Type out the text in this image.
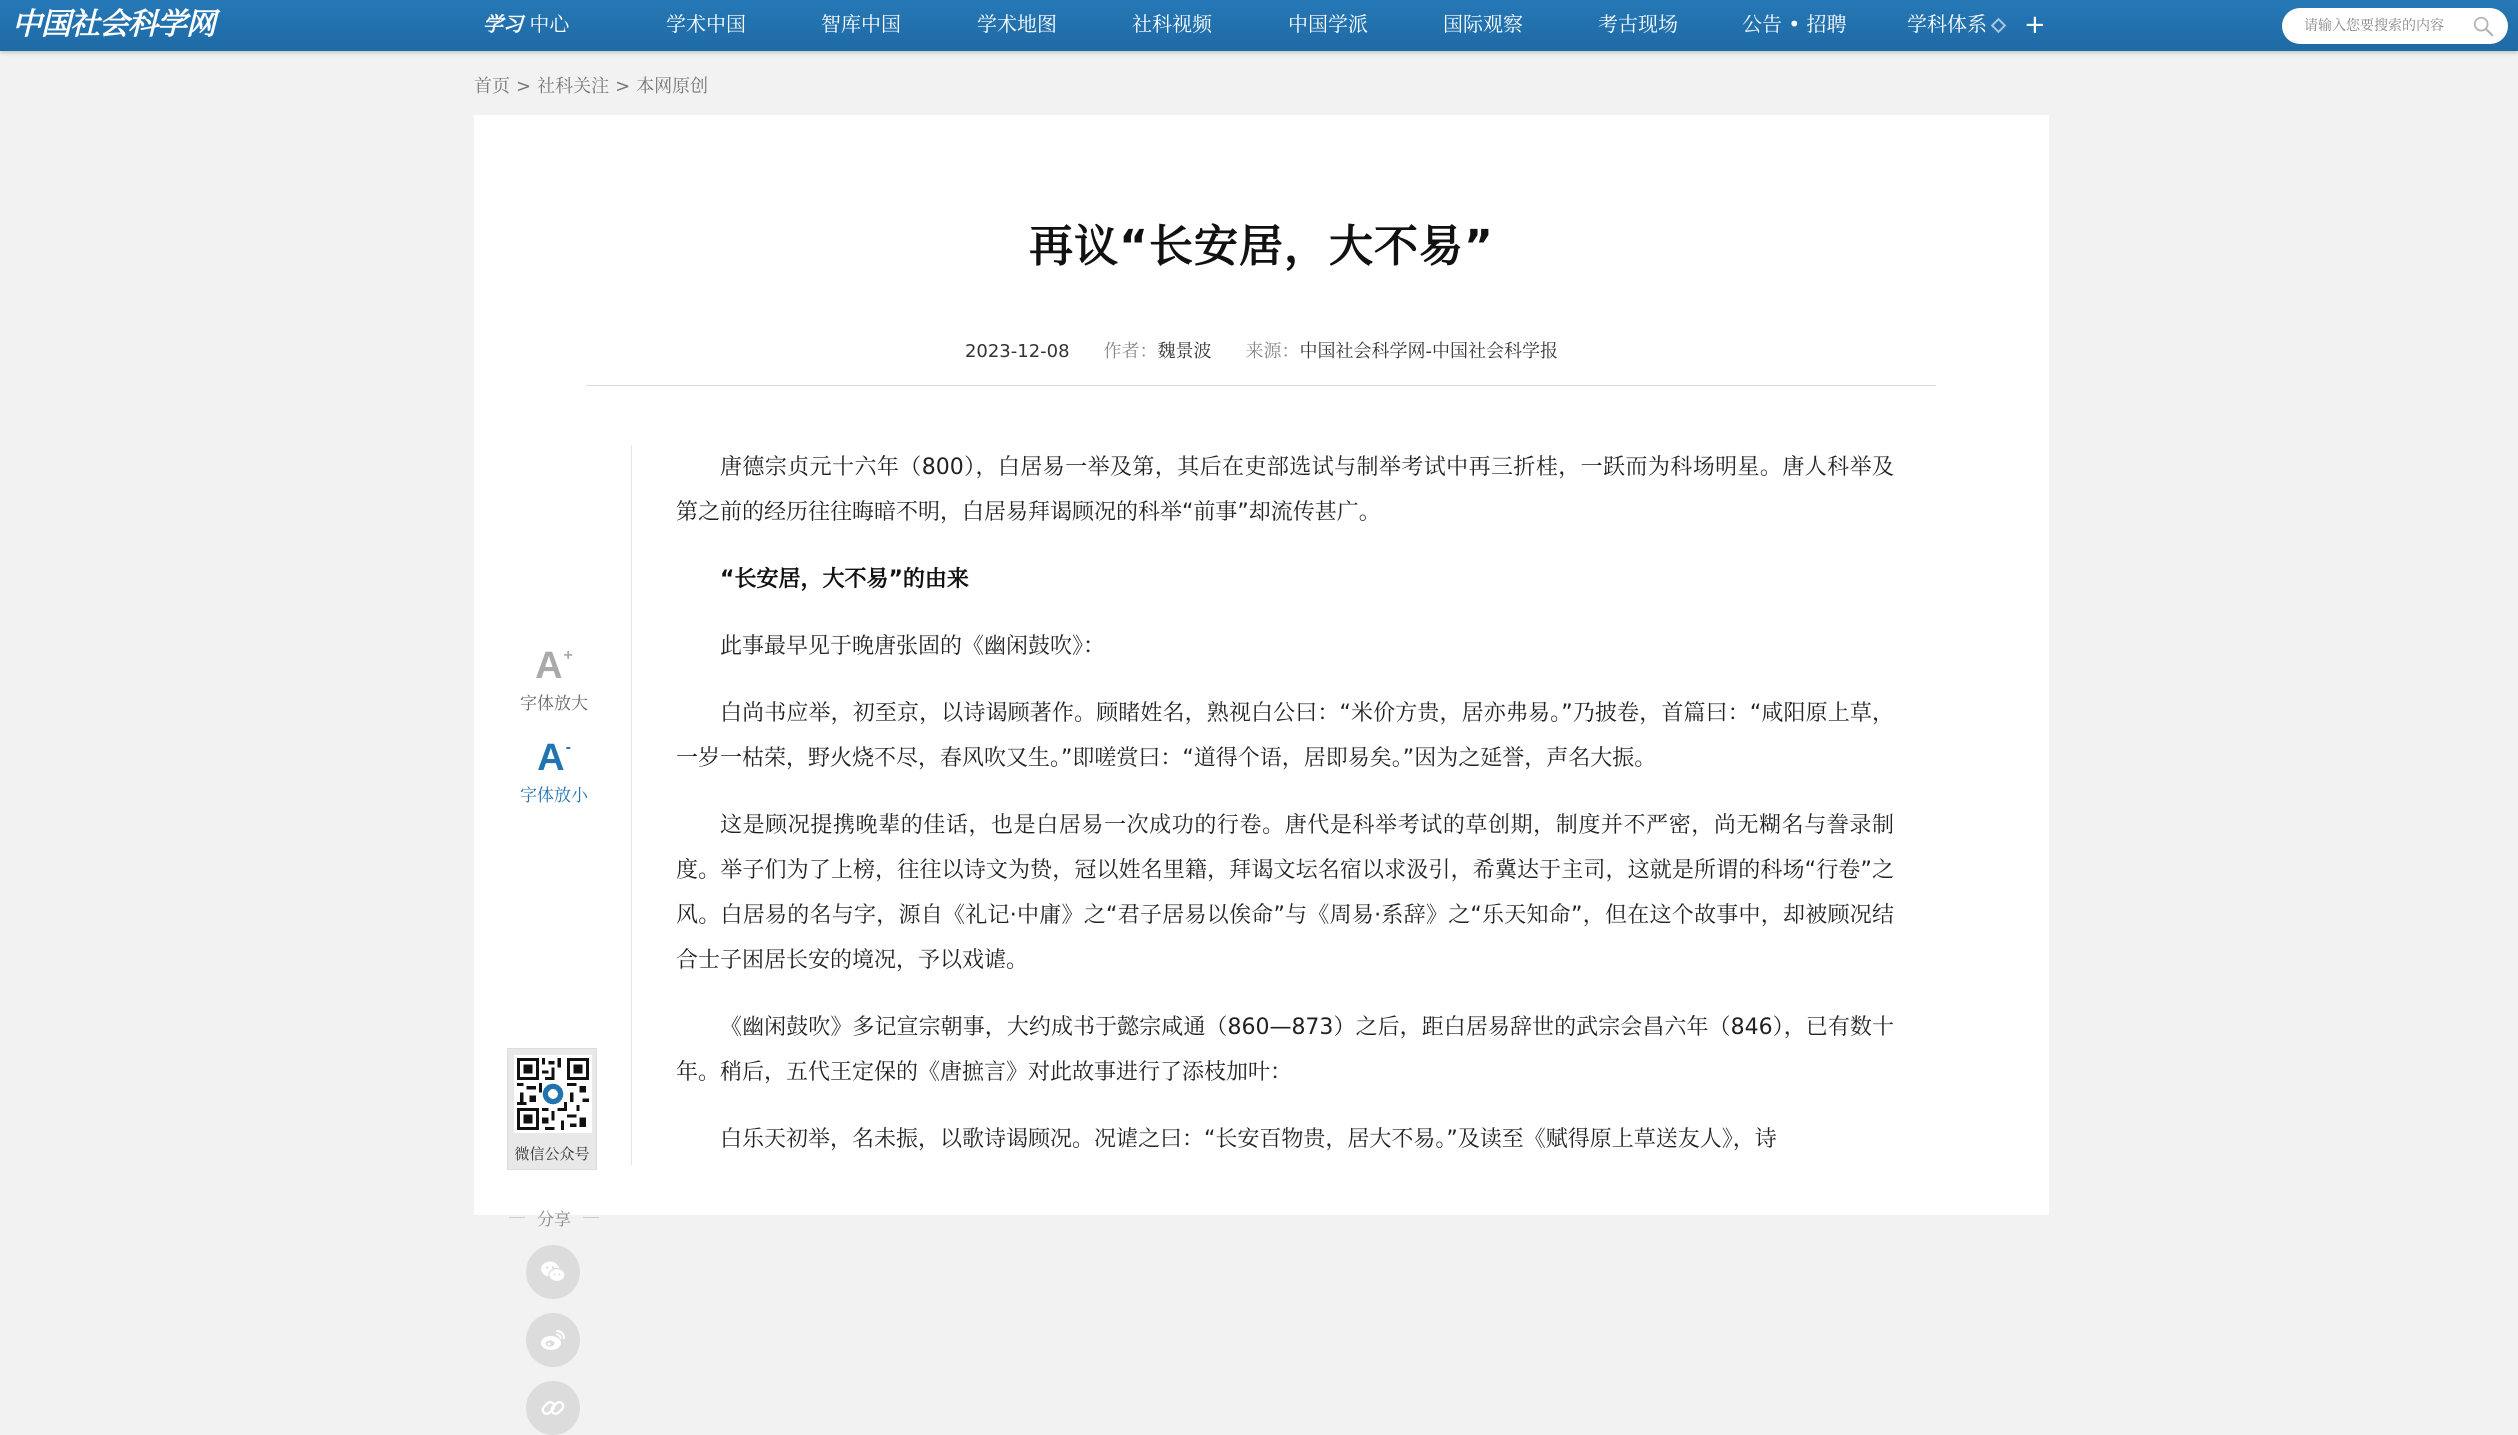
中国社会科学网	学习 中心	学术中国	智库中国	学术地图	社科视频	中国学派	国际观察	考古现场	公告 • 招聘	学科体系	+
请输入您要搜索的内容
首页 > 社科关注 > 本网原创
再议“长安居，大不易”
2023-12-08 作者：魏景波 来源：中国社会科学网-中国社会科学报
A+
字体放大
A-
字体放小
微信公众号
分享

唐德宗贞元十六年（800），白居易一举及第，其后在吏部选试与制举考试中再三折桂，一跃而为科场明星。唐人科举及第之前的经历往往晦暗不明，白居易拜谒顾况的科举“前事”却流传甚广。

“长安居，大不易”的由来

此事最早见于晚唐张固的《幽闲鼓吹》：

白尚书应举，初至京，以诗谒顾著作。顾睹姓名，熟视白公曰：“米价方贵，居亦弗易。”乃披卷，首篇曰：“咸阳原上草，一岁一枯荣，野火烧不尽，春风吹又生。”即嗟赏曰：“道得个语，居即易矣。”因为之延誉，声名大振。

这是顾况提携晚辈的佳话，也是白居易一次成功的行卷。唐代是科举考试的草创期，制度并不严密，尚无糊名与誊录制度。举子们为了上榜，往往以诗文为贽，冠以姓名里籍，拜谒文坛名宿以求汲引，希冀达于主司，这就是所谓的科场“行卷”之风。白居易的名与字，源自《礼记·中庸》之“君子居易以俟命”与《周易·系辞》之“乐天知命”，但在这个故事中，却被顾况结合士子困居长安的境况，予以戏谑。

《幽闲鼓吹》多记宣宗朝事，大约成书于懿宗咸通（860—873）之后，距白居易辞世的武宗会昌六年（846），已有数十年。稍后，五代王定保的《唐摭言》对此故事进行了添枝加叶：

白乐天初举，名未振，以歌诗谒顾况。况谑之曰：“长安百物贵，居大不易。”及读至《赋得原上草送友人》，诗
